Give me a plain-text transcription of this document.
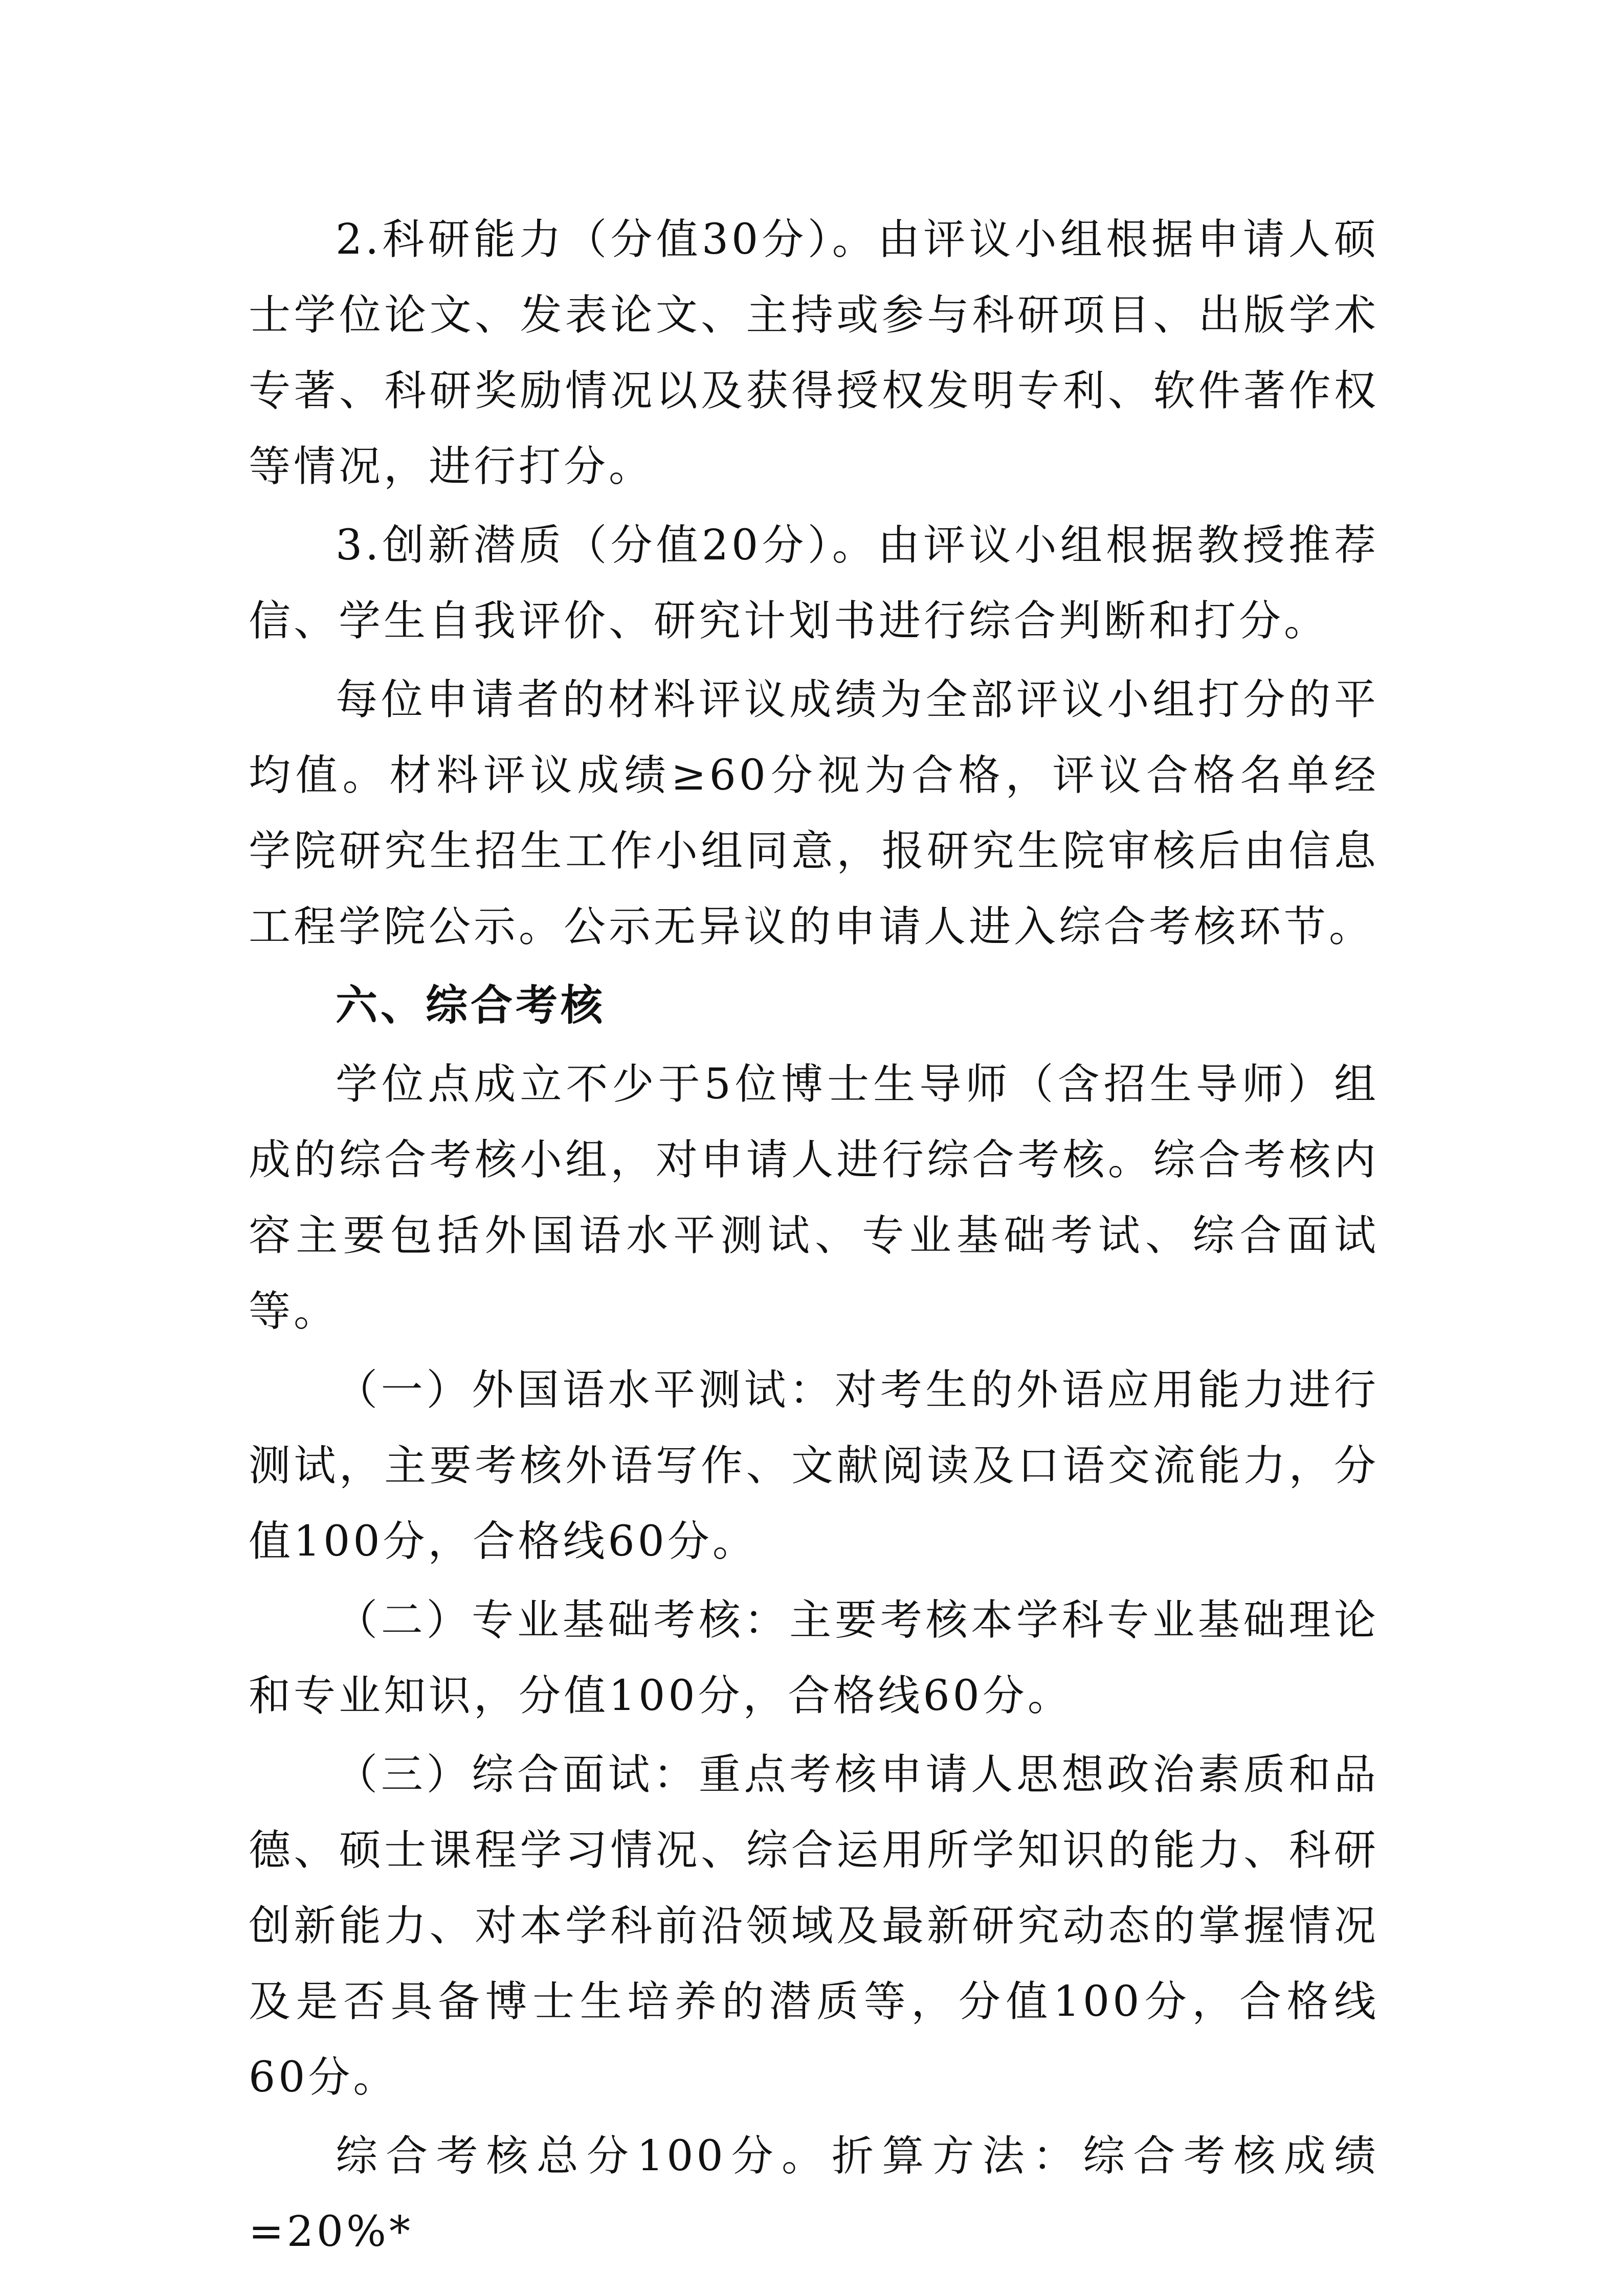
2.科研能力（分值30分）。由评议小组根据申请人硕士学位论文、发表论文、主持或参与科研项目、出版学术专著、科研奖励情况以及获得授权发明专利、软件著作权等情况，进行打分。

3.创新潜质（分值20分）。由评议小组根据教授推荐信、学生自我评价、研究计划书进行综合判断和打分。

每位申请者的材料评议成绩为全部评议小组打分的平均值。材料评议成绩≥60分视为合格，评议合格名单经学院研究生招生工作小组同意，报研究生院审核后由信息工程学院公示。公示无异议的申请人进入综合考核环节。

六、综合考核

学位点成立不少于5位博士生导师（含招生导师）组成的综合考核小组，对申请人进行综合考核。综合考核内容主要包括外国语水平测试、专业基础考试、综合面试等。

（一）外国语水平测试：对考生的外语应用能力进行测试，主要考核外语写作、文献阅读及口语交流能力，分值100分，合格线60分。

（二）专业基础考核：主要考核本学科专业基础理论和专业知识，分值100分，合格线60分。

（三）综合面试：重点考核申请人思想政治素质和品德、硕士课程学习情况、综合运用所学知识的能力、科研创新能力、对本学科前沿领域及最新研究动态的掌握情况及是否具备博士生培养的潜质等，分值100分，合格线60分。

综合考核总分100分。折算方法：综合考核成绩=20%*
